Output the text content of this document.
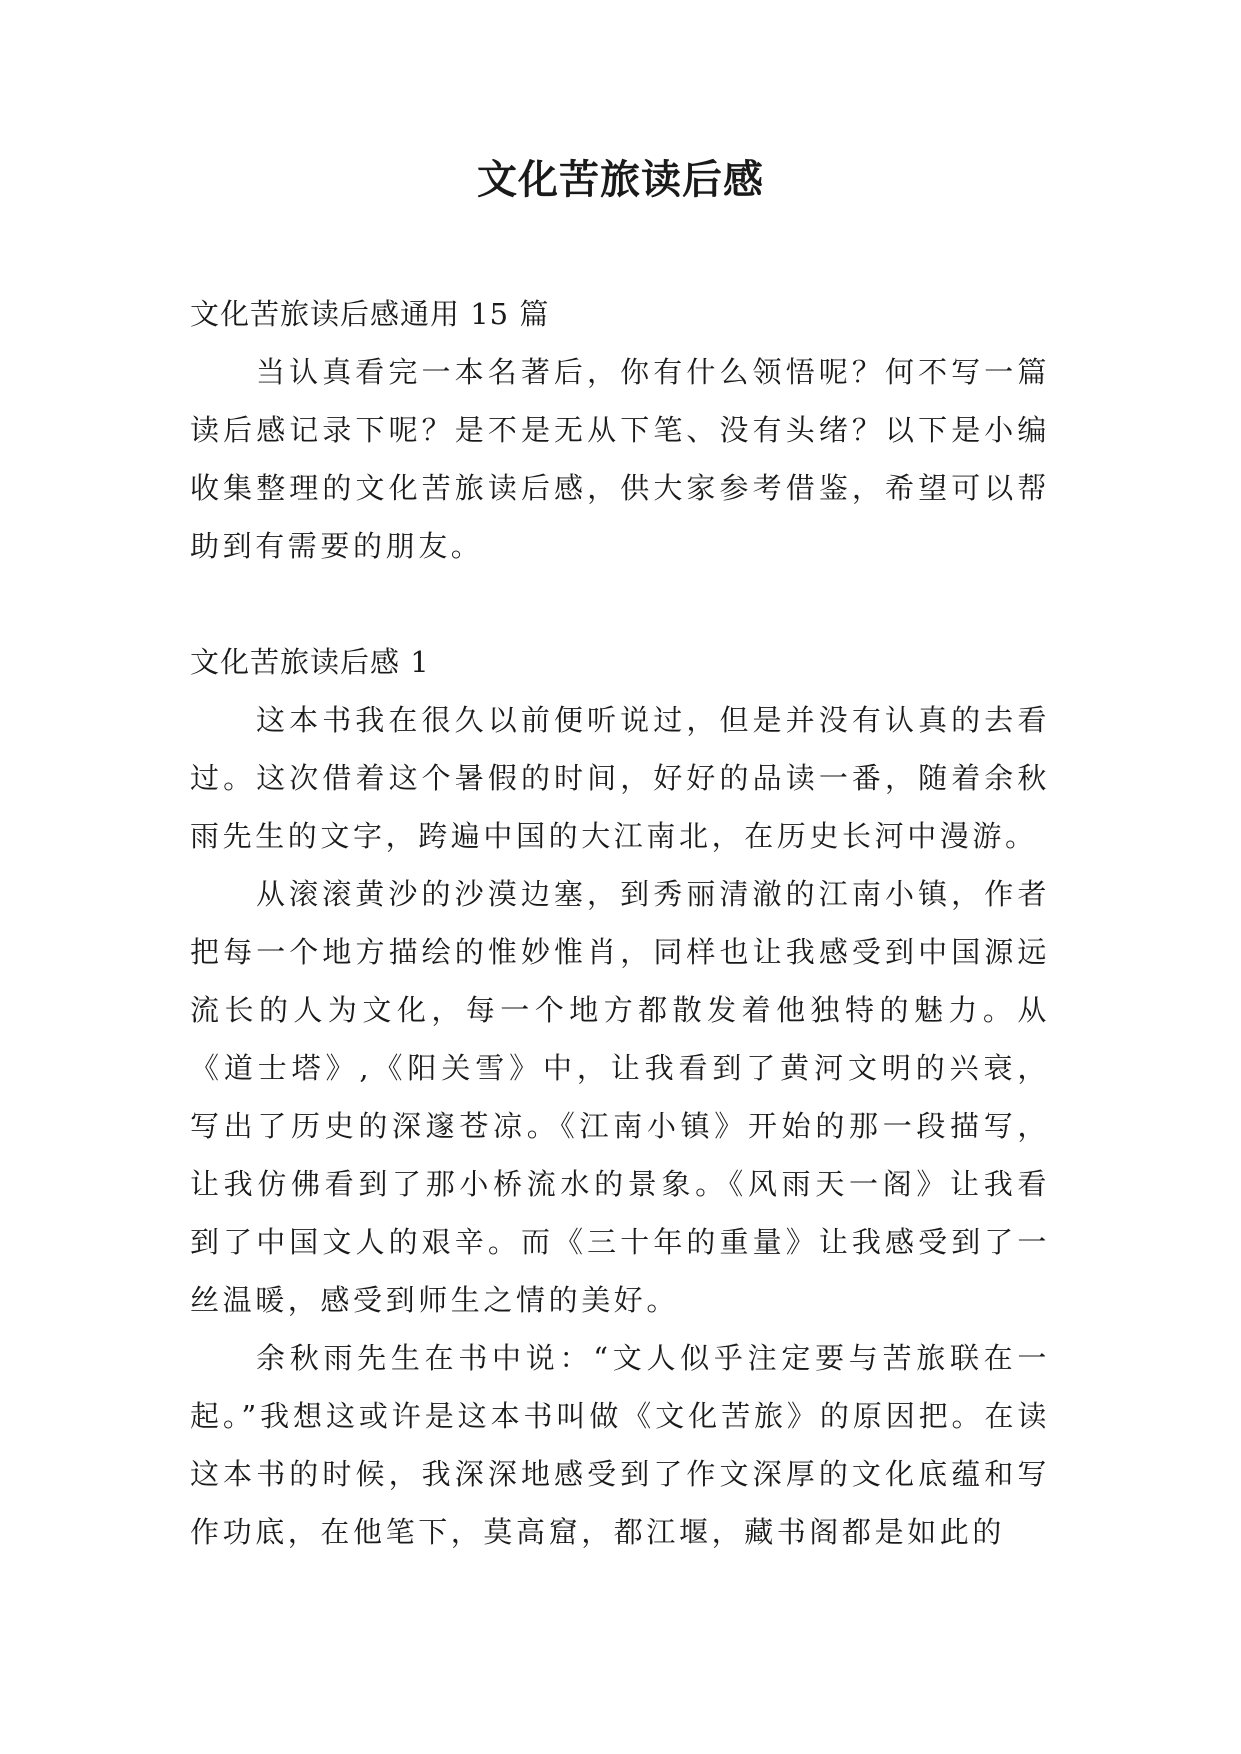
文化苦旅读后感
文化苦旅读后感通用 15 篇

当认真看完一本名著后，你有什么领悟呢？何不写一篇读后感记录下呢？是不是无从下笔、没有头绪？以下是小编收集整理的文化苦旅读后感，供大家参考借鉴，希望可以帮助到有需要的朋友。

文化苦旅读后感 1

这本书我在很久以前便听说过，但是并没有认真的去看过。这次借着这个暑假的时间，好好的品读一番，随着余秋雨先生的文字，跨遍中国的大江南北，在历史长河中漫游。

从滚滚黄沙的沙漠边塞，到秀丽清澈的江南小镇，作者把每一个地方描绘的惟妙惟肖，同样也让我感受到中国源远流长的人为文化，每一个地方都散发着他独特的魅力。从《道士塔》,《阳关雪》中，让我看到了黄河文明的兴衰，写出了历史的深邃苍凉。《江南小镇》开始的那一段描写，让我仿佛看到了那小桥流水的景象。《风雨天一阁》让我看到了中国文人的艰辛。而《三十年的重量》让我感受到了一丝温暖，感受到师生之情的美好。

余秋雨先生在书中说：“文人似乎注定要与苦旅联在一起。”我想这或许是这本书叫做《文化苦旅》的原因把。在读这本书的时候，我深深地感受到了作文深厚的文化底蕴和写作功底，在他笔下，莫高窟，都江堰，藏书阁都是如此的
